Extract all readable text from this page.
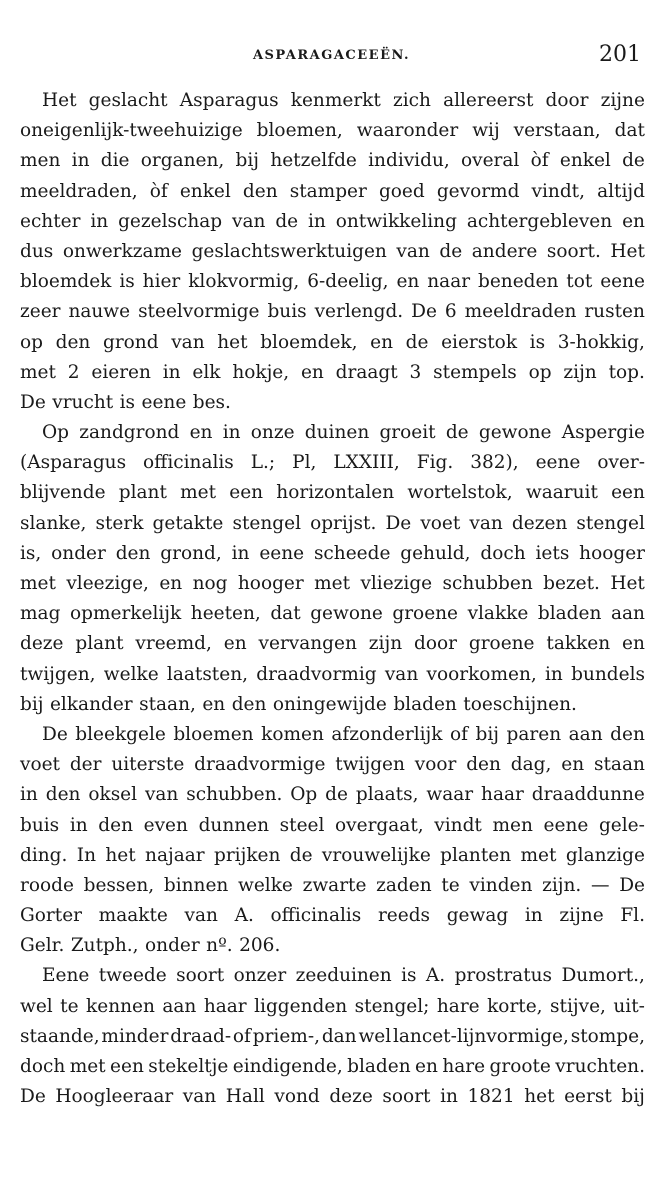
ASPARAGACEEËN.	201
Het geslacht Asparagus kenmerkt zich allereerst door zijne
oneigenlijk-tweehuizige bloemen, waaronder wij verstaan, dat
men in die organen, bij hetzelfde individu, overal òf enkel de
meeldraden, òf enkel den stamper goed gevormd vindt, altijd
echter in gezelschap van de in ontwikkeling achtergebleven en
dus onwerkzame geslachtswerktuigen van de andere soort. Het
bloemdek is hier klokvormig, 6-deelig, en naar beneden tot eene
zeer nauwe steelvormige buis verlengd. De 6 meeldraden rusten
op den grond van het bloemdek, en de eierstok is 3-hokkig,
met 2 eieren in elk hokje, en draagt 3 stempels op zijn top.
De vrucht is eene bes.
Op zandgrond en in onze duinen groeit de gewone Aspergie
(Asparagus officinalis L.; Pl, LXXIII, Fig. 382), eene over-
blijvende plant met een horizontalen wortelstok, waaruit een
slanke, sterk getakte stengel oprijst. De voet van dezen stengel
is, onder den grond, in eene scheede gehuld, doch iets hooger
met vleezige, en nog hooger met vliezige schubben bezet. Het
mag opmerkelijk heeten, dat gewone groene vlakke bladen aan
deze plant vreemd, en vervangen zijn door groene takken en
twijgen, welke laatsten, draadvormig van voorkomen, in bundels
bij elkander staan, en den oningewijde bladen toeschijnen.
De bleekgele bloemen komen afzonderlijk of bij paren aan den
voet der uiterste draadvormige twijgen voor den dag, en staan
in den oksel van schubben. Op de plaats, waar haar draaddunne
buis in den even dunnen steel overgaat, vindt men eene gele-
ding. In het najaar prijken de vrouwelijke planten met glanzige
roode bessen, binnen welke zwarte zaden te vinden zijn. — De
Gorter maakte van A. officinalis reeds gewag in zijne Fl.
Gelr. Zutph., onder nº. 206.
Eene tweede soort onzer zeeduinen is A. prostratus Dumort.,
wel te kennen aan haar liggenden stengel; hare korte, stijve, uit-
staande, minder draad- of priem-, dan wel lancet-lijnvormige, stompe,
doch met een stekeltje eindigende, bladen en hare groote vruchten.
De Hoogleeraar van Hall vond deze soort in 1821 het eerst bij
